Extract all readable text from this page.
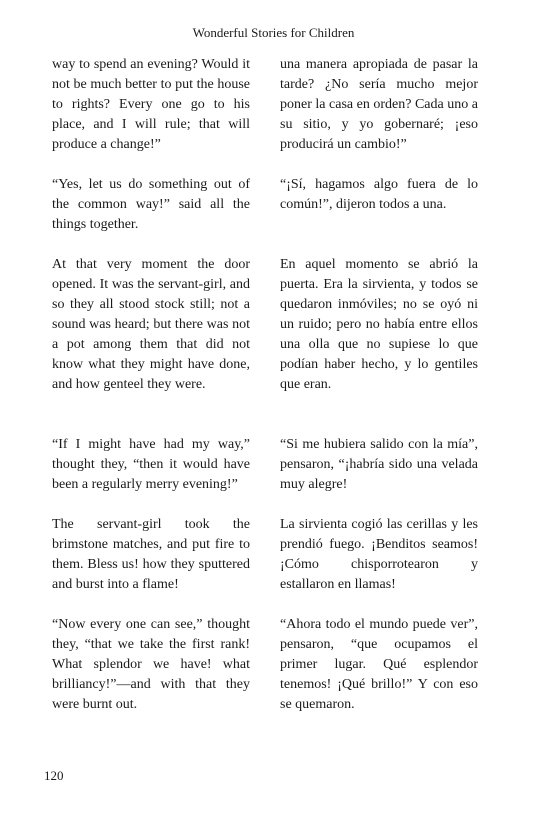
Wonderful Stories for Children
way to spend an evening? Would it not be much better to put the house to rights? Every one go to his place, and I will rule; that will produce a change!”
“Yes, let us do something out of the common way!” said all the things together.
At that very moment the door opened. It was the servant-girl, and so they all stood stock still; not a sound was heard; but there was not a pot among them that did not know what they might have done, and how genteel they were.
“If I might have had my way,” thought they, “then it would have been a regularly merry evening!”
The servant-girl took the brimstone matches, and put fire to them. Bless us! how they sputtered and burst into a flame!
“Now every one can see,” thought they, “that we take the first rank! What splendor we have! what brilliancy!”—and with that they were burnt out.
una manera apropiada de pasar la tarde? ¿No sería mucho mejor poner la casa en orden? Cada uno a su sitio, y yo gobernaré; ¡eso producirá un cambio!”
“¡Sí, hagamos algo fuera de lo común!”, dijeron todos a una.
En aquel momento se abrió la puerta. Era la sirvienta, y todos se quedaron inmóviles; no se oyó ni un ruido; pero no había entre ellos una olla que no supiese lo que podían haber hecho, y lo gentiles que eran.
“Si me hubiera salido con la mía”, pensaron, “¡habría sido una velada muy alegre!
La sirvienta cogió las cerillas y les prendió fuego. ¡Benditos seamos! ¡Cómo chisporrotearon y estallaron en llamas!
“Ahora todo el mundo puede ver”, pensaron, “que ocupamos el primer lugar. Qué esplendor tenemos! ¡Qué brillo!” Y con eso se quemaron.
120
